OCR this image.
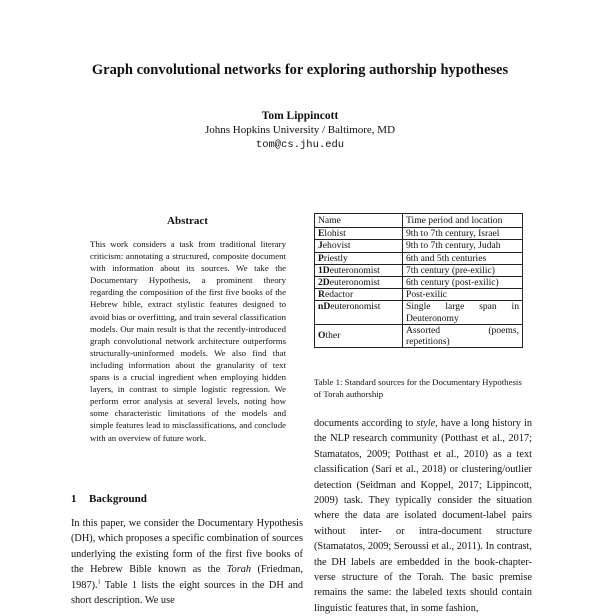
Graph convolutional networks for exploring authorship hypotheses
Tom Lippincott
Johns Hopkins University / Baltimore, MD
tom@cs.jhu.edu
Abstract
This work considers a task from traditional literary criticism: annotating a structured, composite document with information about its sources. We take the Documentary Hypothesis, a prominent theory regarding the composition of the first five books of the Hebrew bible, extract stylistic features designed to avoid bias or overfitting, and train several classification models. Our main result is that the recently-introduced graph convolutional network architecture outperforms structurally-uninformed models. We also find that including information about the granularity of text spans is a crucial ingredient when employing hidden layers, in contrast to simple logistic regression. We perform error analysis at several levels, noting how some characteristic limitations of the models and simple features lead to misclassifications, and conclude with an overview of future work.
1 Background
In this paper, we consider the Documentary Hypothesis (DH), which proposes a specific combination of sources underlying the existing form of the first five books of the Hebrew Bible known as the Torah (Friedman, 1987).$^1$ Table 1 lists the eight sources in the DH and short description. We use
Name	Time period and location
Elohist	9th to 7th century, Israel
Jehovist	9th to 7th century, Judah
Priestly	6th and 5th centuries
1Deuteronomist	7th century (pre-exilic)
2Deuteronomist	6th century (post-exilic)
Redactor	Post-exilic
nDeuteronomist	Single large span in Deuteronomy
Other	Assorted (poems, repetitions)
Table 1: Standard sources for the Documentary Hypothesis of Torah authorship
documents according to style, have a long history in the NLP research community (Potthast et al., 2017; Stamatatos, 2009; Potthast et al., 2010) as a text classification (Sari et al., 2018) or clustering/outlier detection (Seidman and Koppel, 2017; Lippincott, 2009) task. They typically consider the situation where the data are isolated document-label pairs without inter- or intra-document structure (Stamatatos, 2009; Seroussi et al., 2011). In contrast, the DH labels are embedded in the book-chapter-verse structure of the Torah. The basic premise remains the same: the labeled texts should contain linguistic features that, in some fashion,
